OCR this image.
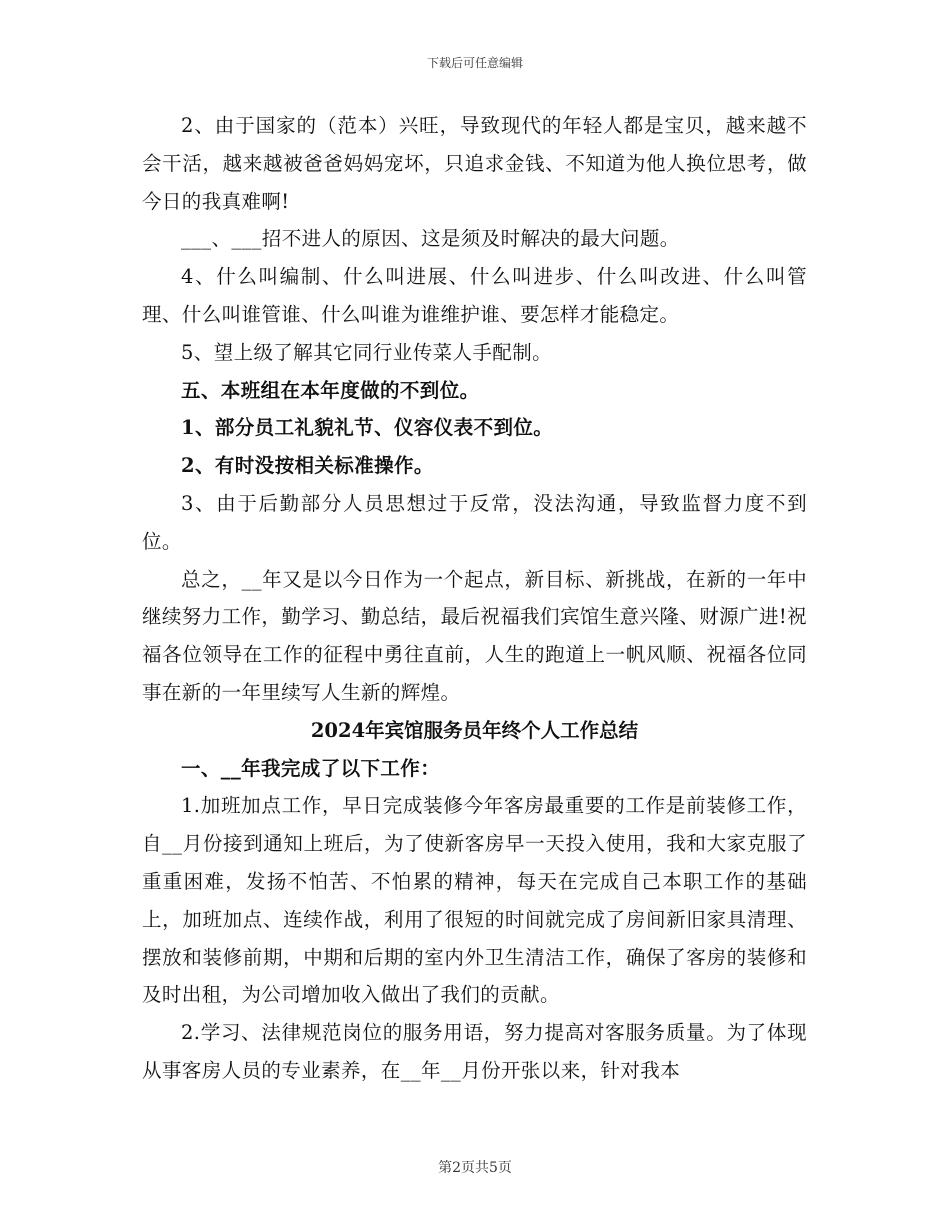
下载后可任意编辑

2、由于国家的（范本）兴旺，导致现代的年轻人都是宝贝，越来越不会干活，越来越被爸爸妈妈宠坏，只追求金钱、不知道为他人换位思考，做今日的我真难啊!

___、___招不进人的原因、这是须及时解决的最大问题。

4、什么叫编制、什么叫进展、什么叫进步、什么叫改进、什么叫管理、什么叫谁管谁、什么叫谁为谁维护谁、要怎样才能稳定。

5、望上级了解其它同行业传菜人手配制。

五、本班组在本年度做的不到位。

1、部分员工礼貌礼节、仪容仪表不到位。

2、有时没按相关标准操作。

3、由于后勤部分人员思想过于反常，没法沟通，导致监督力度不到位。

总之，__年又是以今日作为一个起点，新目标、新挑战，在新的一年中继续努力工作，勤学习、勤总结，最后祝福我们宾馆生意兴隆、财源广进!祝福各位领导在工作的征程中勇往直前，人生的跑道上一帆风顺、祝福各位同事在新的一年里续写人生新的辉煌。

2024年宾馆服务员年终个人工作总结

一、__年我完成了以下工作：

1.加班加点工作，早日完成装修今年客房最重要的工作是前装修工作，自__月份接到通知上班后，为了使新客房早一天投入使用，我和大家克服了重重困难，发扬不怕苦、不怕累的精神，每天在完成自己本职工作的基础上，加班加点、连续作战，利用了很短的时间就完成了房间新旧家具清理、摆放和装修前期，中期和后期的室内外卫生清洁工作，确保了客房的装修和及时出租，为公司增加收入做出了我们的贡献。

2.学习、法律规范岗位的服务用语，努力提高对客服务质量。为了体现从事客房人员的专业素养，在__年__月份开张以来，针对我本

第2页共5页
